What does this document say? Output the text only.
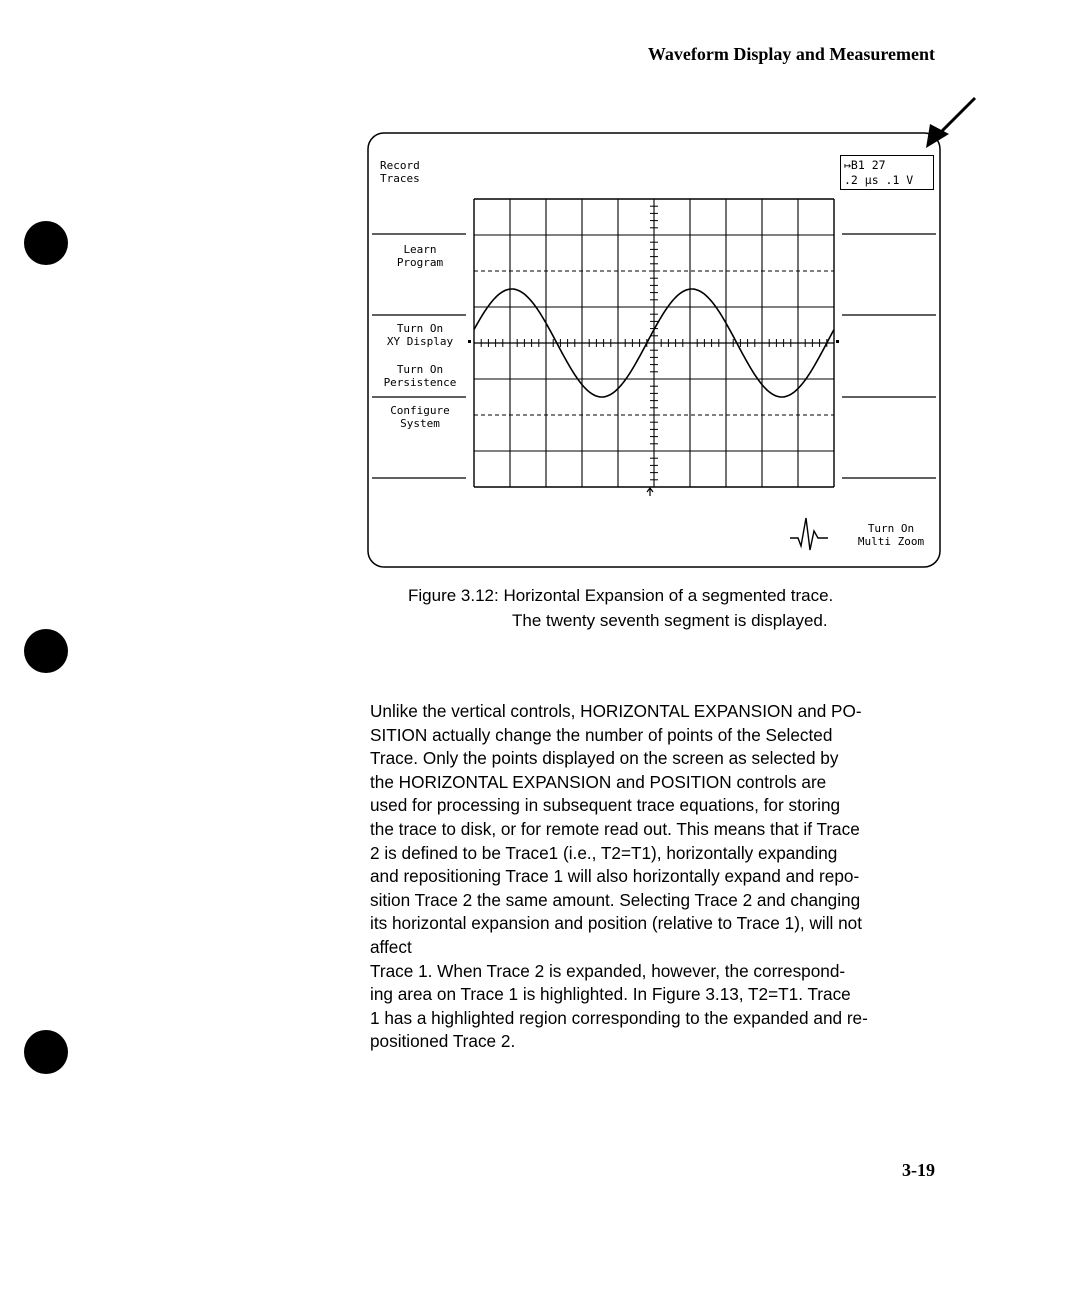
Waveform Display and Measurement
Record
Traces
Learn
Program
Turn On
XY Display
Turn On
Persistence
Configure
System
↦B1 27
.2 µs .1 V
Turn On
Multi Zoom
Figure 3.12: Horizontal Expansion of a segmented trace.
The twenty seventh segment is displayed.

Unlike the vertical controls, HORIZONTAL EXPANSION and PO-

SITION actually change the number of points of the Selected

Trace. Only the points displayed on the screen as selected by

the HORIZONTAL EXPANSION and POSITION controls are

used for processing in subsequent trace equations, for storing

the trace to disk, or for remote read out. This means that if Trace

2 is defined to be Trace1 (i.e., T2=T1), horizontally expanding

and repositioning Trace 1 will also horizontally expand and repo-

sition Trace 2 the same amount. Selecting Trace 2 and changing

its horizontal expansion and position (relative to Trace 1), will not

affect

Trace 1. When Trace 2 is expanded, however, the correspond-

ing area on Trace 1 is highlighted. In Figure 3.13, T2=T1. Trace

1 has a highlighted region corresponding to the expanded and re-

positioned Trace 2.

3-19
